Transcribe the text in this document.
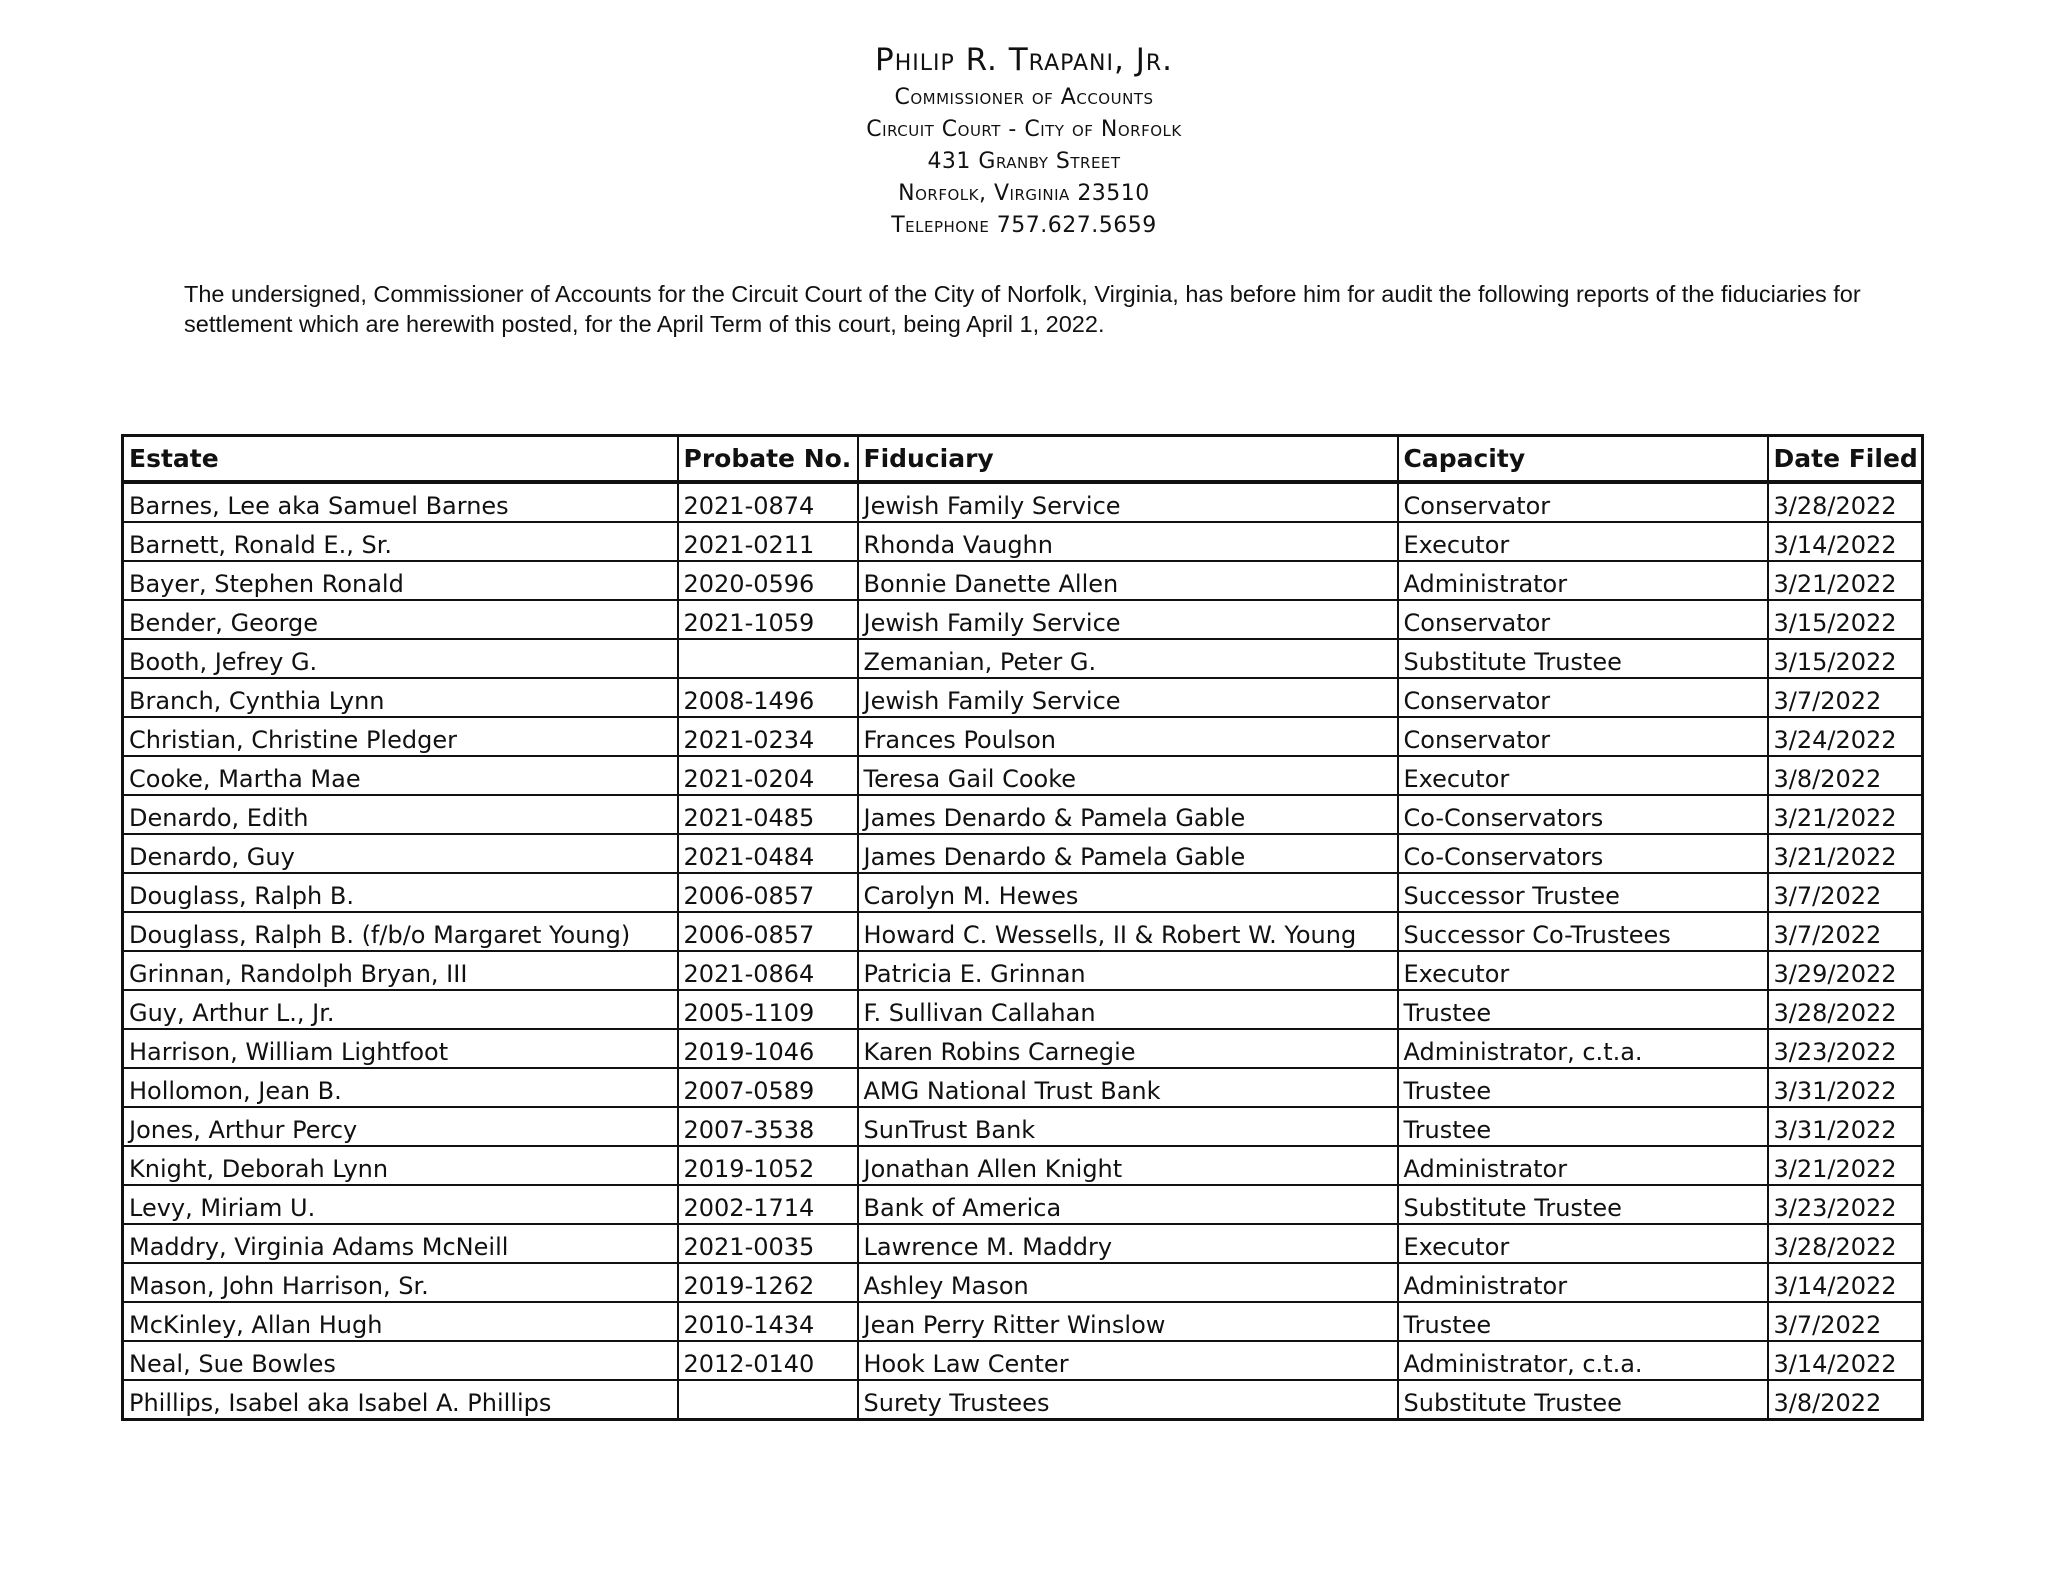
Philip R. Trapani, Jr.
Commissioner of Accounts
Circuit Court - City of Norfolk
431 Granby Street
Norfolk, Virginia 23510
Telephone 757.627.5659
The undersigned, Commissioner of Accounts for the Circuit Court of the City of Norfolk, Virginia, has before him for audit the following reports of the fiduciaries for settlement which are herewith posted, for the April Term of this court, being April 1, 2022.
Estate	Probate No.	Fiduciary	Capacity	Date Filed
Barnes, Lee aka Samuel Barnes	2021-0874	Jewish Family Service	Conservator	3/28/2022
Barnett, Ronald E., Sr.	2021-0211	Rhonda Vaughn	Executor	3/14/2022
Bayer, Stephen Ronald	2020-0596	Bonnie Danette Allen	Administrator	3/21/2022
Bender, George	2021-1059	Jewish Family Service	Conservator	3/15/2022
Booth, Jefrey G.		Zemanian, Peter G.	Substitute Trustee	3/15/2022
Branch, Cynthia Lynn	2008-1496	Jewish Family Service	Conservator	3/7/2022
Christian, Christine Pledger	2021-0234	Frances Poulson	Conservator	3/24/2022
Cooke, Martha Mae	2021-0204	Teresa Gail Cooke	Executor	3/8/2022
Denardo, Edith	2021-0485	James Denardo & Pamela Gable	Co-Conservators	3/21/2022
Denardo, Guy	2021-0484	James Denardo & Pamela Gable	Co-Conservators	3/21/2022
Douglass, Ralph B.	2006-0857	Carolyn M. Hewes	Successor Trustee	3/7/2022
Douglass, Ralph B. (f/b/o Margaret Young)	2006-0857	Howard C. Wessells, II & Robert W. Young	Successor Co-Trustees	3/7/2022
Grinnan, Randolph Bryan, III	2021-0864	Patricia E. Grinnan	Executor	3/29/2022
Guy, Arthur L., Jr.	2005-1109	F. Sullivan Callahan	Trustee	3/28/2022
Harrison, William Lightfoot	2019-1046	Karen Robins Carnegie	Administrator, c.t.a.	3/23/2022
Hollomon, Jean B.	2007-0589	AMG National Trust Bank	Trustee	3/31/2022
Jones, Arthur Percy	2007-3538	SunTrust Bank	Trustee	3/31/2022
Knight, Deborah Lynn	2019-1052	Jonathan Allen Knight	Administrator	3/21/2022
Levy, Miriam U.	2002-1714	Bank of America	Substitute Trustee	3/23/2022
Maddry, Virginia Adams McNeill	2021-0035	Lawrence M. Maddry	Executor	3/28/2022
Mason, John Harrison, Sr.	2019-1262	Ashley Mason	Administrator	3/14/2022
McKinley, Allan Hugh	2010-1434	Jean Perry Ritter Winslow	Trustee	3/7/2022
Neal, Sue Bowles	2012-0140	Hook Law Center	Administrator, c.t.a.	3/14/2022
Phillips, Isabel aka Isabel A. Phillips		Surety Trustees	Substitute Trustee	3/8/2022
